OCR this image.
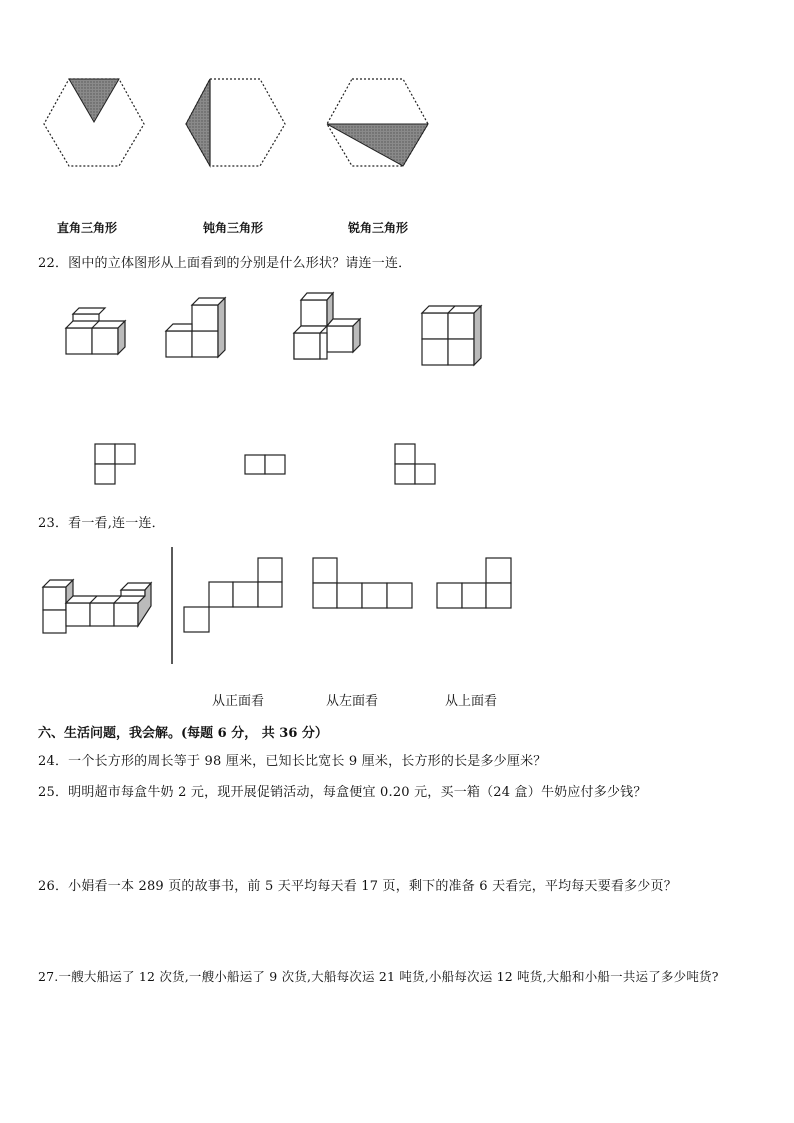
直角三角形	钝角三角形	锐角三角形
22．图中的立体图形从上面看到的分别是什么形状？请连一连．
23．看一看,连一连．
从正面看	从左面看	从上面看
六、生活问题，我会解。(每题 6 分， 共 36 分）
24．一个长方形的周长等于 98 厘米，已知长比宽长 9 厘米，长方形的长是多少厘米？
25．明明超市每盒牛奶 2 元，现开展促销活动，每盒便宜 0.20 元，买一箱（24 盒）牛奶应付多少钱？
26．小娟看一本 289 页的故事书，前 5 天平均每天看 17 页，剩下的准备 6 天看完，平均每天要看多少页？
27.一艘大船运了 12 次货,一艘小船运了 9 次货,大船每次运 21 吨货,小船每次运 12 吨货,大船和小船一共运了多少吨货?
